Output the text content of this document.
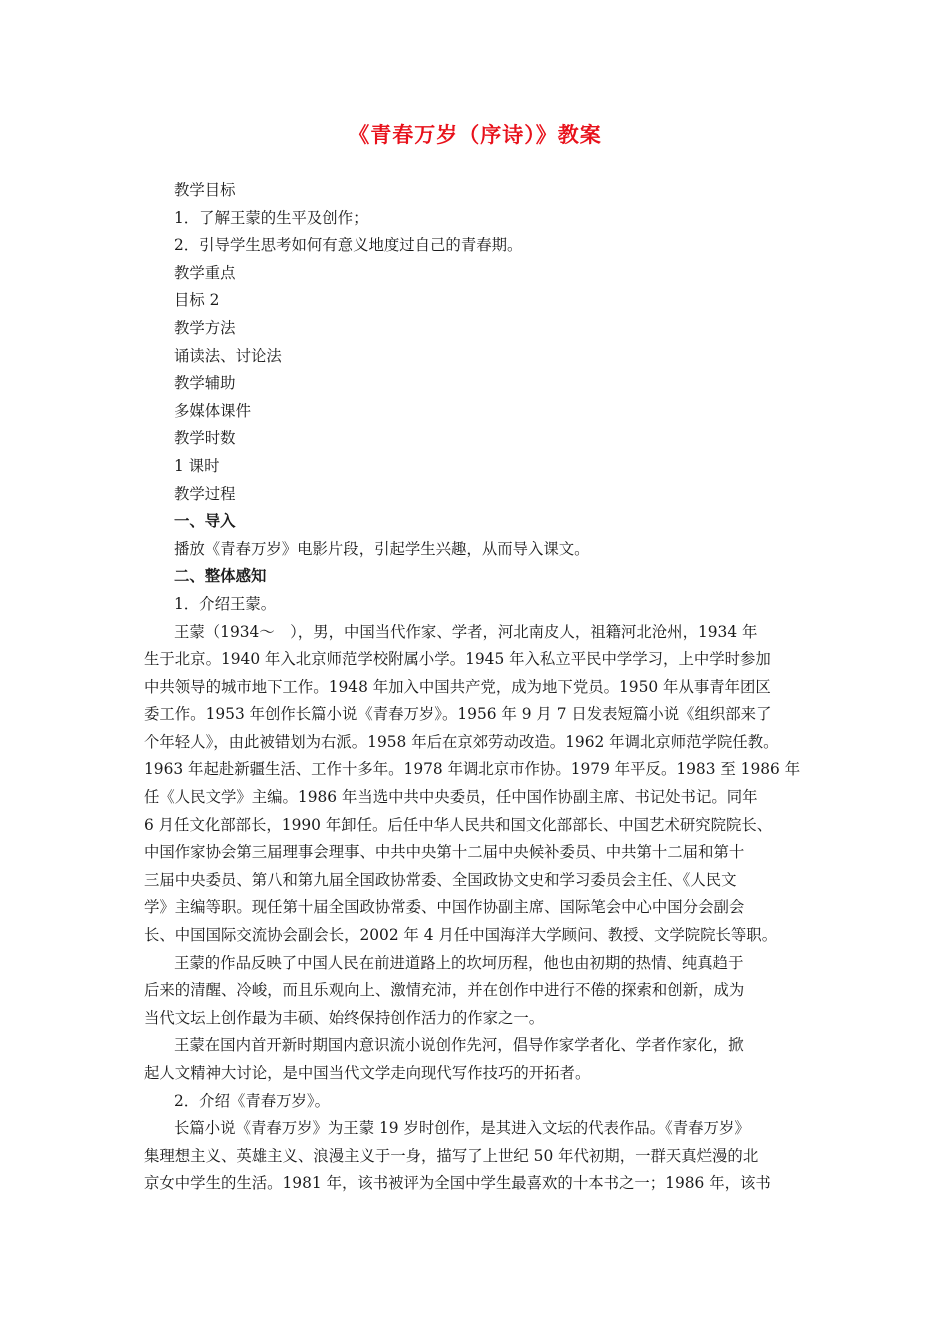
《青春万岁（序诗）》教案
教学目标
1．了解王蒙的生平及创作；
2．引导学生思考如何有意义地度过自己的青春期。
教学重点
目标 2
教学方法
诵读法、讨论法
教学辅助
多媒体课件
教学时数
1 课时
教学过程
一、导入
播放《青春万岁》电影片段，引起学生兴趣，从而导入课文。
二、整体感知
1．介绍王蒙。
王蒙（1934～　），男，中国当代作家、学者，河北南皮人，祖籍河北沧州，1934 年
生于北京。1940 年入北京师范学校附属小学。1945 年入私立平民中学学习，上中学时参加
中共领导的城市地下工作。1948 年加入中国共产党，成为地下党员。1950 年从事青年团区
委工作。1953 年创作长篇小说《青春万岁》。1956 年 9 月 7 日发表短篇小说《组织部来了
个年轻人》，由此被错划为右派。1958 年后在京郊劳动改造。1962 年调北京师范学院任教。
1963 年起赴新疆生活、工作十多年。1978 年调北京市作协。1979 年平反。1983 至 1986 年
任《人民文学》主编。1986 年当选中共中央委员，任中国作协副主席、书记处书记。同年
6 月任文化部部长，1990 年卸任。后任中华人民共和国文化部部长、中国艺术研究院院长、
中国作家协会第三届理事会理事、中共中央第十二届中央候补委员、中共第十二届和第十
三届中央委员、第八和第九届全国政协常委、全国政协文史和学习委员会主任、《人民文
学》主编等职。现任第十届全国政协常委、中国作协副主席、国际笔会中心中国分会副会
长、中国国际交流协会副会长，2002 年 4 月任中国海洋大学顾问、教授、文学院院长等职。
王蒙的作品反映了中国人民在前进道路上的坎坷历程，他也由初期的热情、纯真趋于
后来的清醒、冷峻，而且乐观向上、激情充沛，并在创作中进行不倦的探索和创新，成为
当代文坛上创作最为丰硕、始终保持创作活力的作家之一。
王蒙在国内首开新时期国内意识流小说创作先河，倡导作家学者化、学者作家化，掀
起人文精神大讨论，是中国当代文学走向现代写作技巧的开拓者。
2．介绍《青春万岁》。
长篇小说《青春万岁》为王蒙 19 岁时创作，是其进入文坛的代表作品。《青春万岁》
集理想主义、英雄主义、浪漫主义于一身，描写了上世纪 50 年代初期，一群天真烂漫的北
京女中学生的生活。1981 年，该书被评为全国中学生最喜欢的十本书之一；1986 年，该书
